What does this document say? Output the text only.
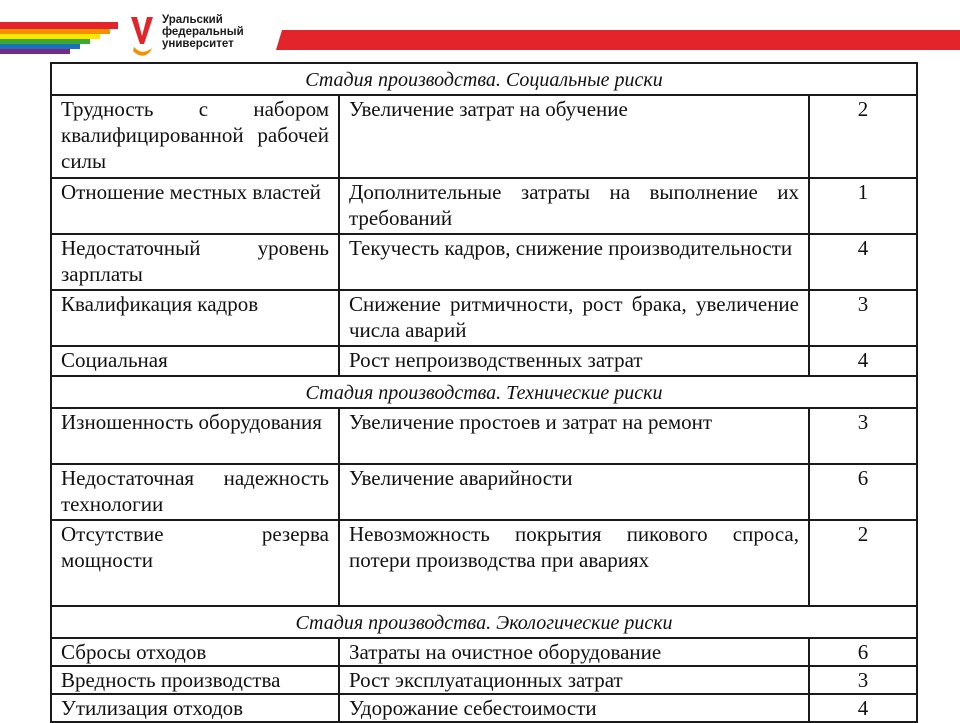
Уральский
федеральный
университет
Стадия производства. Социальные риски		
Трудность с набором квалифицированной рабочей силы	Увеличение затрат на обучение	2
Отношение местных властей	Дополнительные затраты на выполнение их требований	1
Недостаточный уровень зарплаты	Текучесть кадров, снижение производительности	4
Квалификация кадров	Снижение ритмичности, рост брака, увеличение числа аварий	3
Социальная	Рост непроизводственных затрат	4
Стадия производства. Технические риски		
Изношенность оборудования	Увеличение простоев и затрат на ремонт	3
Недостаточная надежность технологии	Увеличение аварийности	6
Отсутствие резерва мощности	Невозможность покрытия пикового спроса, потери производства при авариях	2
Стадия производства. Экологические риски		
Сбросы отходов	Затраты на очистное оборудование	6
Вредность производства	Рост эксплуатационных затрат	3
Утилизация отходов	Удорожание себестоимости	4
